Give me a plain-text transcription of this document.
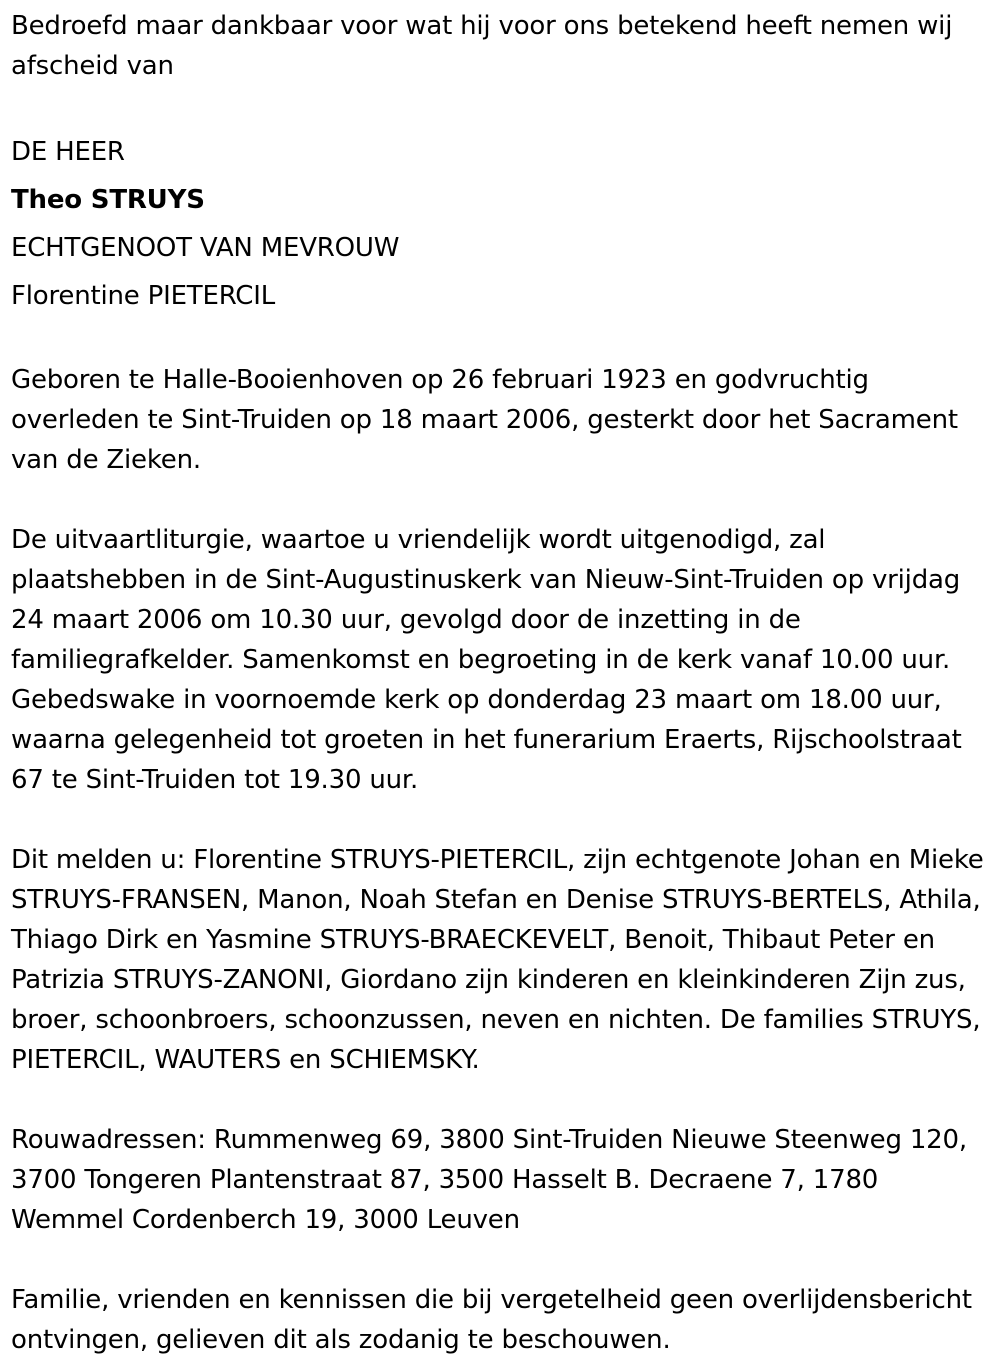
Bedroefd maar dankbaar voor wat hij voor ons betekend heeft nemen wij afscheid van

DE HEER

Theo STRUYS

ECHTGENOOT VAN MEVROUW

Florentine PIETERCIL

Geboren te Halle-Booienhoven op 26 februari 1923 en godvruchtig overleden te Sint-Truiden op 18 maart 2006, gesterkt door het Sacrament van de Zieken.

De uitvaartliturgie, waartoe u vriendelijk wordt uitgenodigd, zal plaatshebben in de Sint-Augustinuskerk van Nieuw-Sint-Truiden op vrijdag 24 maart 2006 om 10.30 uur, gevolgd door de inzetting in de familiegrafkelder. Samenkomst en begroeting in de kerk vanaf 10.00 uur. Gebedswake in voornoemde kerk op donderdag 23 maart om 18.00 uur, waarna gelegenheid tot groeten in het funerarium Eraerts, Rijschoolstraat 67 te Sint-Truiden tot 19.30 uur.

Dit melden u: Florentine STRUYS-PIETERCIL, zijn echtgenote Johan en Mieke STRUYS-FRANSEN, Manon, Noah Stefan en Denise STRUYS-BERTELS, Athila, Thiago Dirk en Yasmine STRUYS-BRAECKEVELT, Benoit, Thibaut Peter en Patrizia STRUYS-ZANONI, Giordano zijn kinderen en kleinkinderen Zijn zus, broer, schoonbroers, schoonzussen, neven en nichten. De families STRUYS, PIETERCIL, WAUTERS en SCHIEMSKY.

Rouwadressen: Rummenweg 69, 3800 Sint-Truiden Nieuwe Steenweg 120, 3700 Tongeren Plantenstraat 87, 3500 Hasselt B. Decraene 7, 1780 Wemmel Cordenberch 19, 3000 Leuven

Familie, vrienden en kennissen die bij vergetelheid geen overlijdensbericht ontvingen, gelieven dit als zodanig te beschouwen.
